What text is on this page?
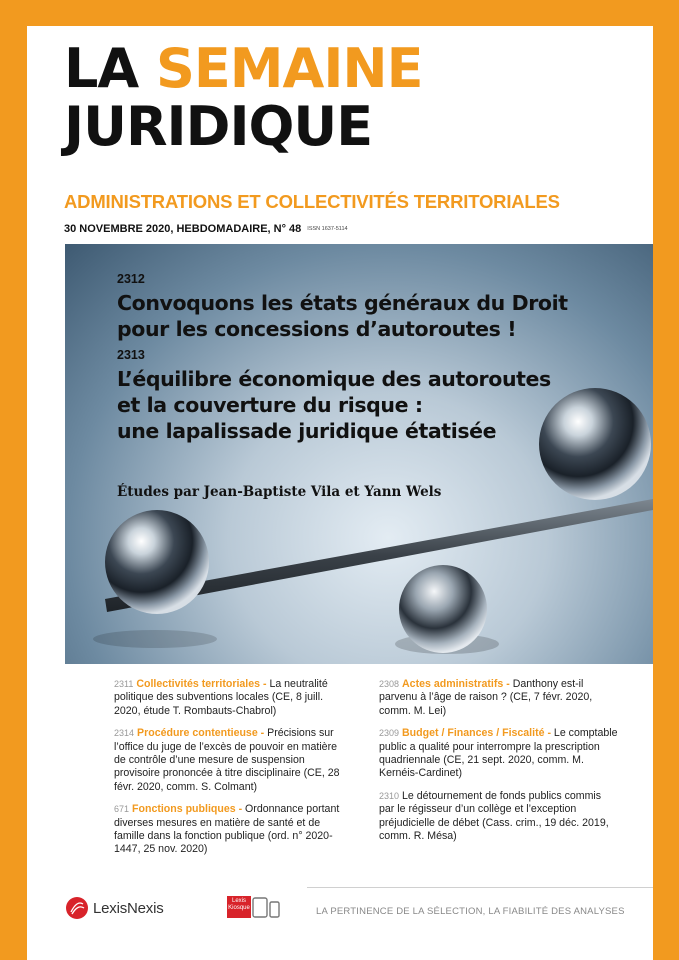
LA SEMAINE
JURIDIQUE
ADMINISTRATIONS ET COLLECTIVITÉS TERRITORIALES
30 NOVEMBRE 2020, HEBDOMADAIRE, N° 48 ISSN 1637-5114
2312
Convoquons les états généraux du Droit
pour les concessions d’autoroutes !
2313
L’équilibre économique des autoroutes
et la couverture du risque :
une lapalissade juridique étatisée
Études par Jean-Baptiste Vila et Yann Wels
2311 Collectivités territoriales - La neutralité politique des subventions locales (CE, 8 juill. 2020, étude T. Rombauts-Chabrol)
2314 Procédure contentieuse - Précisions sur l’office du juge de l’excès de pouvoir en matière de contrôle d’une mesure de suspension provisoire prononcée à titre disciplinaire (CE, 28 févr. 2020, comm. S. Colmant)
671 Fonctions publiques - Ordonnance portant diverses mesures en matière de santé et de famille dans la fonction publique (ord. n° 2020-1447, 25 nov. 2020)
2308 Actes administratifs - Danthony est-il parvenu à l’âge de raison ? (CE, 7 févr. 2020, comm. M. Lei)
2309 Budget / Finances / Fiscalité - Le comptable public a qualité pour interrompre la prescription quadriennale (CE, 21 sept. 2020, comm. M. Kernéis-Cardinet)
2310 Le détournement de fonds publics commis par le régisseur d’un collège et l’exception préjudicielle de débet (Cass. crim., 19 déc. 2019, comm. R. Mésa)
LexisNexis	Lexis
Kiosque	LA PERTINENCE DE LA SÉLECTION, LA FIABILITÉ DES ANALYSES
